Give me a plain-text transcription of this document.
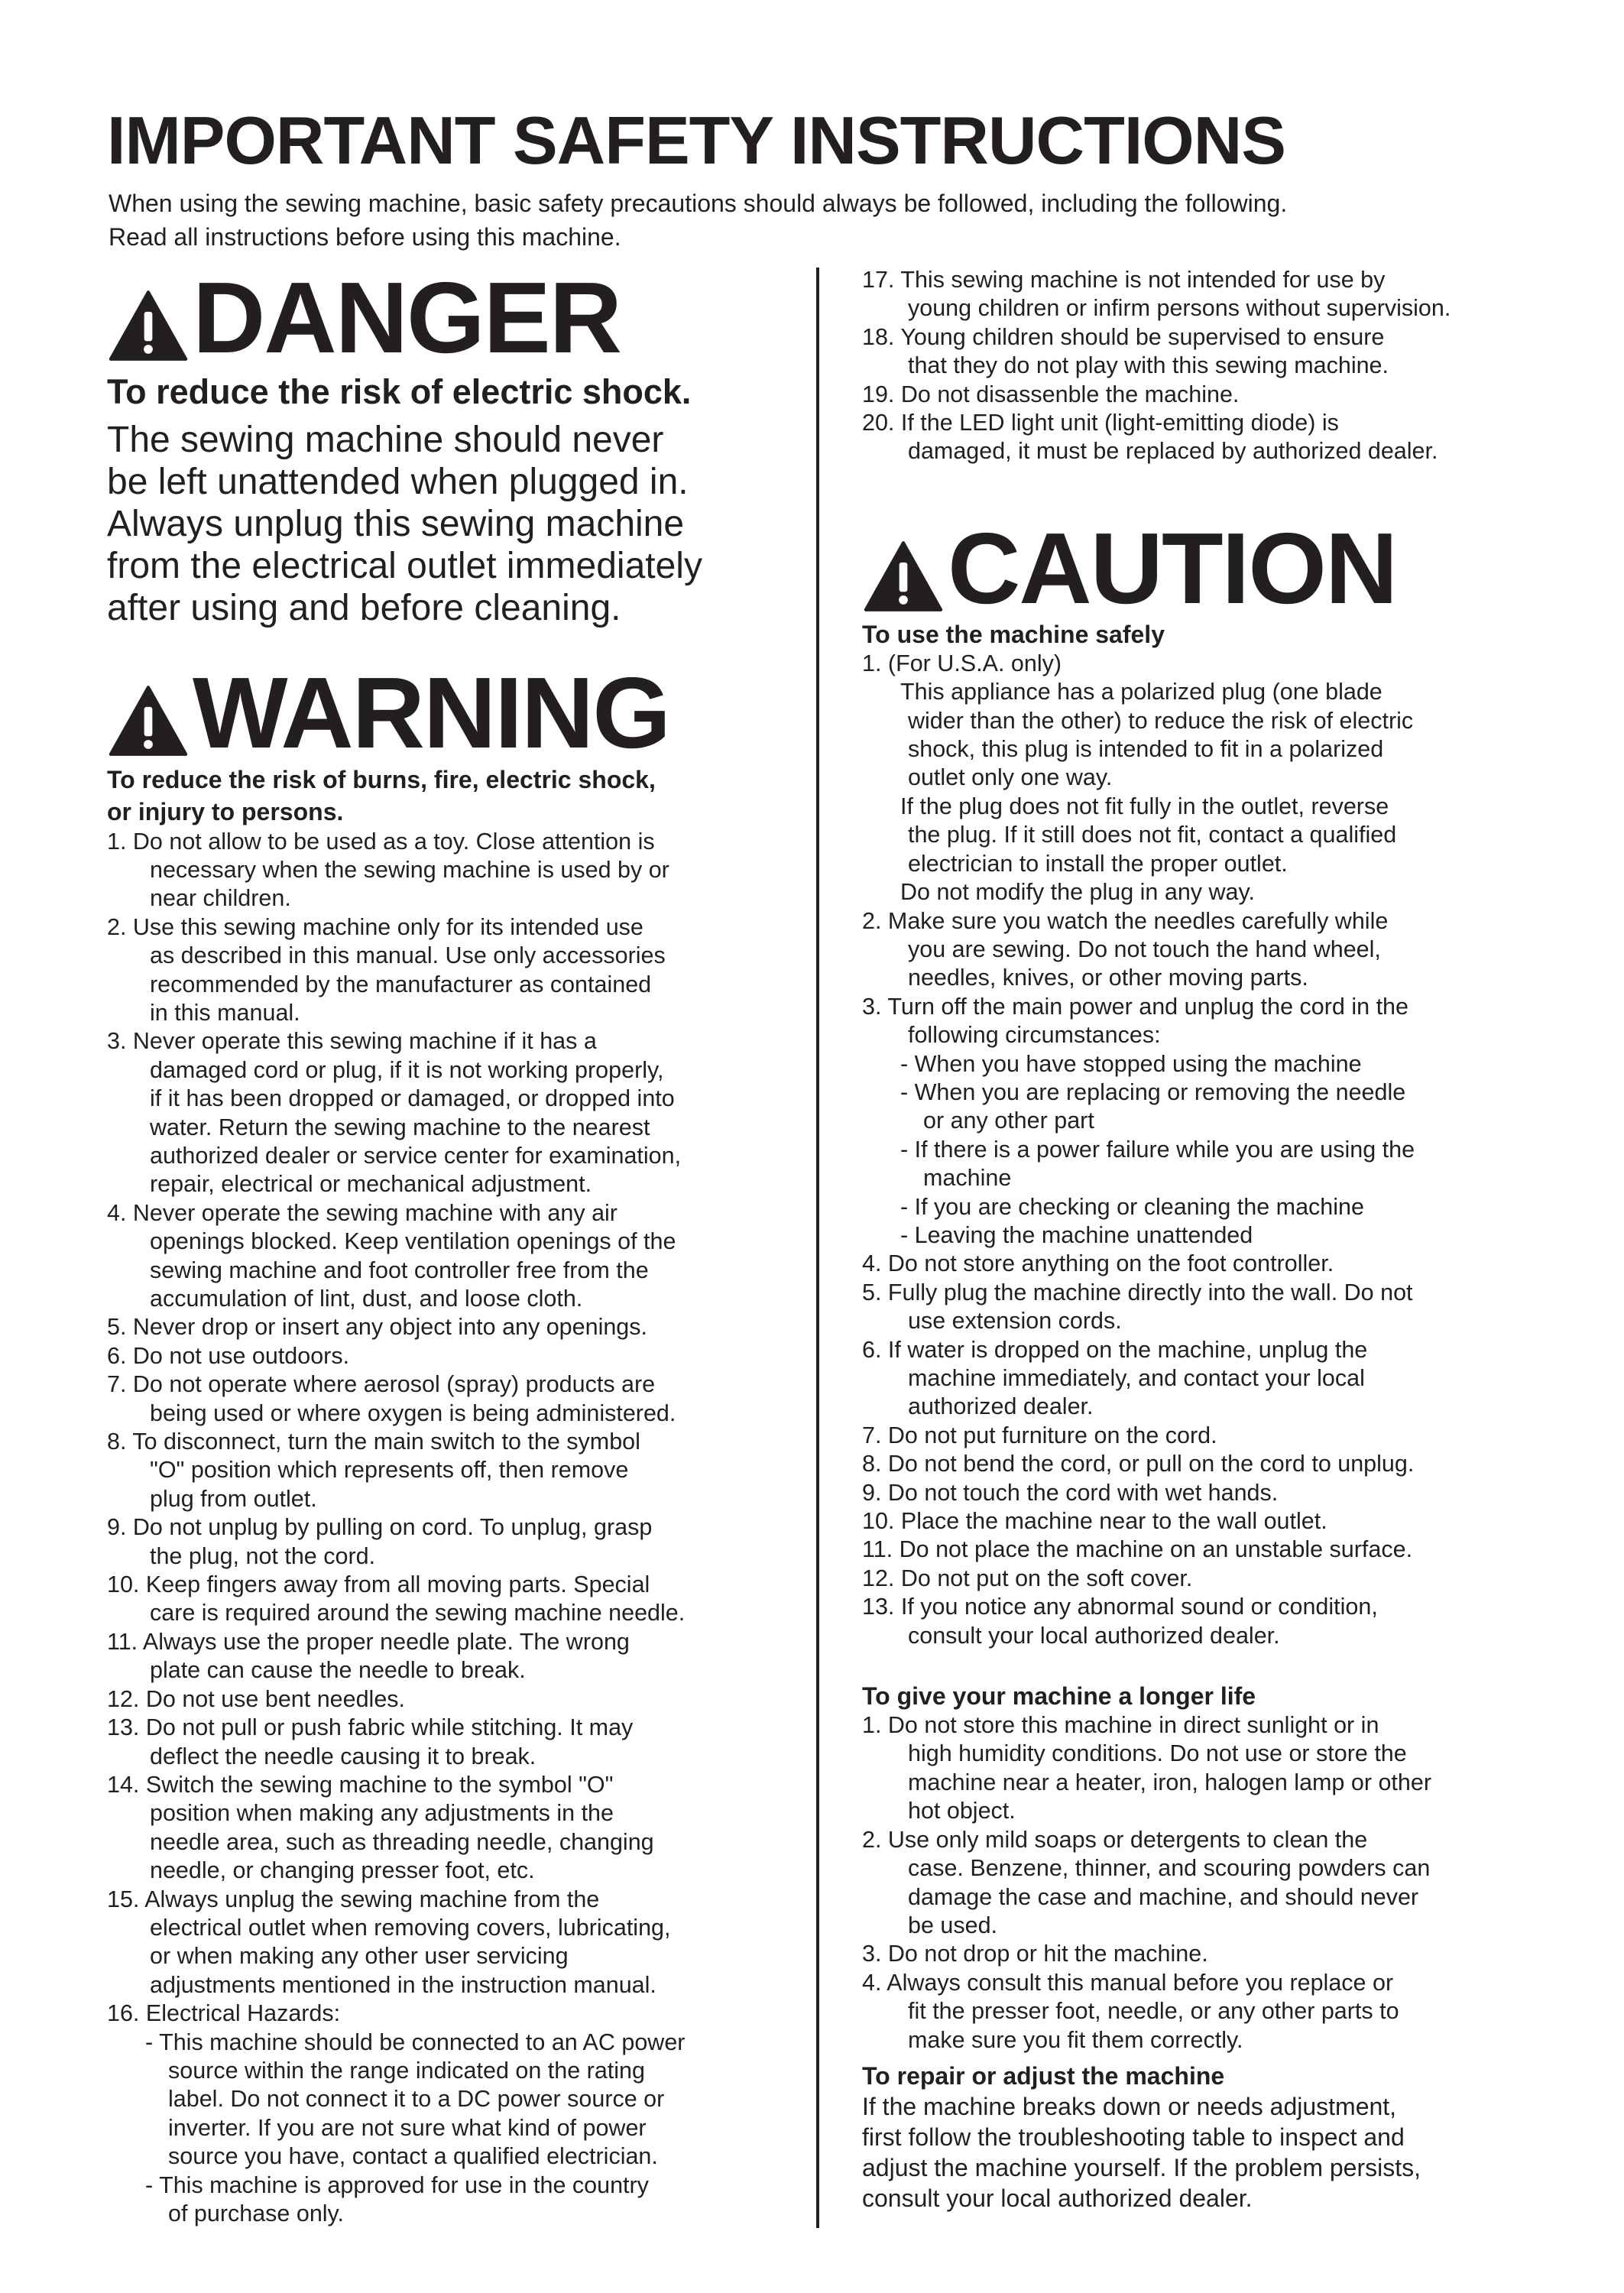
IMPORTANT SAFETY INSTRUCTIONS

When using the sewing machine, basic safety precautions should always be followed, including the following.

Read all instructions before using this machine.

DANGER
To reduce the risk of electric shock.

The sewing machine should never

be left unattended when plugged in.

Always unplug this sewing machine

from the electrical outlet immediately

after using and before cleaning.

WARNING

To reduce the risk of burns, fire, electric shock,

or injury to persons.

1. Do not allow to be used as a toy. Close attention is

necessary when the sewing machine is used by or

near children.

2. Use this sewing machine only for its intended use

as described in this manual. Use only accessories

recommended by the manufacturer as contained

in this manual.

3. Never operate this sewing machine if it has a

damaged cord or plug, if it is not working properly,

if it has been dropped or damaged, or dropped into

water. Return the sewing machine to the nearest

authorized dealer or service center for examination,

repair, electrical or mechanical adjustment.

4. Never operate the sewing machine with any air

openings blocked. Keep ventilation openings of the

sewing machine and foot controller free from the

accumulation of lint, dust, and loose cloth.

5. Never drop or insert any object into any openings.

6. Do not use outdoors.

7. Do not operate where aerosol (spray) products are

being used or where oxygen is being administered.

8. To disconnect, turn the main switch to the symbol

"O" position which represents off, then remove

plug from outlet.

9. Do not unplug by pulling on cord. To unplug, grasp

the plug, not the cord.

10. Keep fingers away from all moving parts. Special

care is required around the sewing machine needle.

11. Always use the proper needle plate. The wrong

plate can cause the needle to break.

12. Do not use bent needles.

13. Do not pull or push fabric while stitching. It may

deflect the needle causing it to break.

14. Switch the sewing machine to the symbol "O"

position when making any adjustments in the

needle area, such as threading needle, changing

needle, or changing presser foot, etc.

15. Always unplug the sewing machine from the

electrical outlet when removing covers, lubricating,

or when making any other user servicing

adjustments mentioned in the instruction manual.

16. Electrical Hazards:

- This machine should be connected to an AC power

source within the range indicated on the rating

label. Do not connect it to a DC power source or

inverter. If you are not sure what kind of power

source you have, contact a qualified electrician.

- This machine is approved for use in the country

of purchase only.

17. This sewing machine is not intended for use by

young children or infirm persons without supervision.

18. Young children should be supervised to ensure

that they do not play with this sewing machine.

19. Do not disassenble the machine.

20. If the LED light unit (light-emitting diode) is

damaged, it must be replaced by authorized dealer.

CAUTION
To use the machine safely

1. (For U.S.A. only)

This appliance has a polarized plug (one blade

wider than the other) to reduce the risk of electric

shock, this plug is intended to fit in a polarized

outlet only one way.

If the plug does not fit fully in the outlet, reverse

the plug. If it still does not fit, contact a qualified

electrician to install the proper outlet.

Do not modify the plug in any way.

2. Make sure you watch the needles carefully while

you are sewing. Do not touch the hand wheel,

needles, knives, or other moving parts.

3. Turn off the main power and unplug the cord in the

following circumstances:

- When you have stopped using the machine

- When you are replacing or removing the needle

or any other part

- If there is a power failure while you are using the

machine

- If you are checking or cleaning the machine

- Leaving the machine unattended

4. Do not store anything on the foot controller.

5. Fully plug the machine directly into the wall. Do not

use extension cords.

6. If water is dropped on the machine, unplug the

machine immediately, and contact your local

authorized dealer.

7. Do not put furniture on the cord.

8. Do not bend the cord, or pull on the cord to unplug.

9. Do not touch the cord with wet hands.

10. Place the machine near to the wall outlet.

11. Do not place the machine on an unstable surface.

12. Do not put on the soft cover.

13. If you notice any abnormal sound or condition,

consult your local authorized dealer.

To give your machine a longer life

1. Do not store this machine in direct sunlight or in

high humidity conditions. Do not use or store the

machine near a heater, iron, halogen lamp or other

hot object.

2. Use only mild soaps or detergents to clean the

case. Benzene, thinner, and scouring powders can

damage the case and machine, and should never

be used.

3. Do not drop or hit the machine.

4. Always consult this manual before you replace or

fit the presser foot, needle, or any other parts to

make sure you fit them correctly.

To repair or adjust the machine

If the machine breaks down or needs adjustment,

first follow the troubleshooting table to inspect and

adjust the machine yourself. If the problem persists,

consult your local authorized dealer.
